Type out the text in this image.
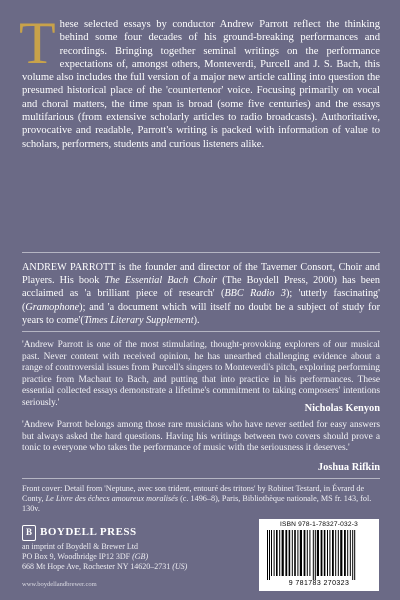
These selected essays by conductor Andrew Parrott reflect the thinking behind some four decades of his ground-breaking performances and recordings. Bringing together seminal writings on the performance expectations of, amongst others, Monteverdi, Purcell and J. S. Bach, this volume also includes the full version of a major new article calling into question the presumed historical place of the 'countertenor' voice. Focusing primarily on vocal and choral matters, the time span is broad (some five centuries) and the essays multifarious (from extensive scholarly articles to radio broadcasts). Authoritative, provocative and readable, Parrott's writing is packed with information of value to scholars, performers, students and curious listeners alike.
ANDREW PARROTT is the founder and director of the Taverner Consort, Choir and Players. His book The Essential Bach Choir (The Boydell Press, 2000) has been acclaimed as 'a brilliant piece of research' (BBC Radio 3); 'utterly fascinating' (Gramophone); and 'a document which will itself no doubt be a subject of study for years to come'(Times Literary Supplement).
'Andrew Parrott is one of the most stimulating, thought-provoking explorers of our musical past. Never content with received opinion, he has unearthed challenging evidence about a range of controversial issues from Purcell's singers to Monteverdi's pitch, exploring performing practice from Machaut to Bach, and putting that into practice in his performances. These essential collected essays demonstrate a lifetime's commitment to taking composers' intentions seriously.'
Nicholas Kenyon
'Andrew Parrott belongs among those rare musicians who have never settled for easy answers but always asked the hard questions. Having his writings between two covers should prove a tonic to everyone who takes the performance of music with the seriousness it deserves.'
Joshua Rifkin
Front cover: Detail from 'Neptune, avec son trident, entouré des tritons' by Robinet Testard, in Évrard de Conty, Le Livre des échecs amoureux moralisés (c. 1496–8), Paris, Bibliothèque nationale, MS fr. 143, fol. 130v.
B BOYDELL PRESS
an imprint of Boydell & Brewer Ltd
PO Box 9, Woodbridge IP12 3DF (GB)
668 Mt Hope Ave, Rochester NY 14620–2731 (US)
www.boydellandbrewer.com
ISBN 978-1-78327-032-3
9 781783 270323
